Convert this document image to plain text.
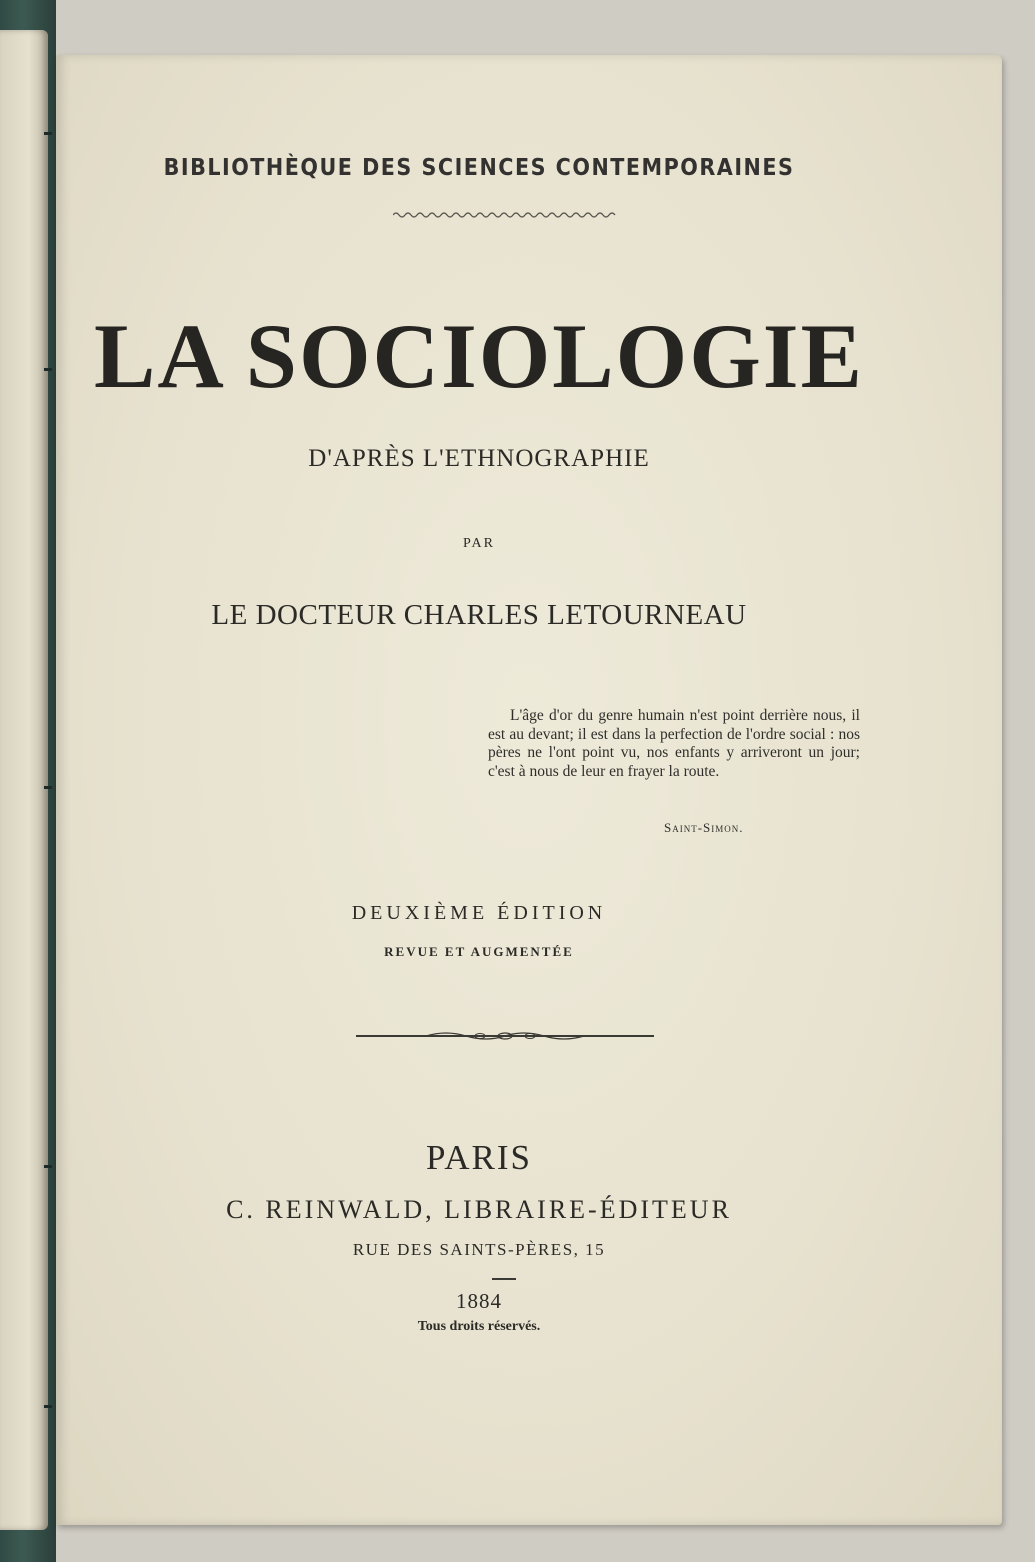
BIBLIOTHÈQUE DES SCIENCES CONTEMPORAINES
LA SOCIOLOGIE
D'APRÈS L'ETHNOGRAPHIE
PAR
LE DOCTEUR CHARLES LETOURNEAU
L'âge d'or du genre humain n'est point derrière nous, il est au devant; il est dans la perfection de l'ordre social : nos pères ne l'ont point vu, nos enfants y arriveront un jour; c'est à nous de leur en frayer la route.
Saint-Simon.
DEUXIÈME ÉDITION
REVUE ET AUGMENTÉE
PARIS
C. REINWALD, LIBRAIRE-ÉDITEUR
RUE DES SAINTS-PÈRES, 15
1884
Tous droits réservés.
